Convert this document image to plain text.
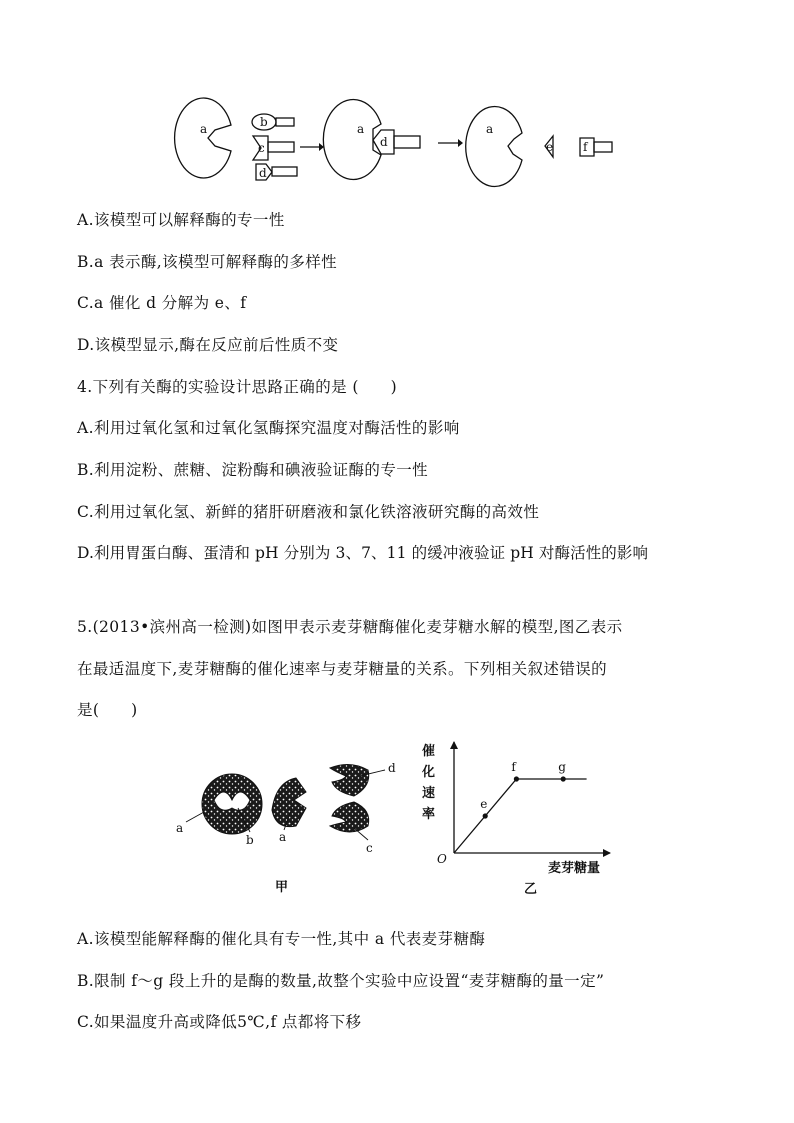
a	b
c
d
a
d
a
e f
A.该模型可以解释酶的专一性
B.a 表示酶,该模型可解释酶的多样性
C.a 催化 d 分解为 e、f
D.该模型显示,酶在反应前后性质不变
4.下列有关酶的实验设计思路正确的是 (　　)
A.利用过氧化氢和过氧化氢酶探究温度对酶活性的影响
B.利用淀粉、蔗糖、淀粉酶和碘液验证酶的专一性
C.利用过氧化氢、新鲜的猪肝研磨液和氯化铁溶液研究酶的高效性
D.利用胃蛋白酶、蛋清和 pH 分别为 3、7、11 的缓冲液验证 pH 对酶活性的影响
5.(2013•滨州高一检测)如图甲表示麦芽糖酶催化麦芽糖水解的模型,图乙表示
在最适温度下,麦芽糖酶的催化速率与麦芽糖量的关系。下列相关叙述错误的
是(　　)
a
b a
d
c
甲
e
f	g
O
催
化
速
率
麦芽糖量
乙
A.该模型能解释酶的催化具有专一性,其中 a 代表麦芽糖酶
B.限制 f～g 段上升的是酶的数量,故整个实验中应设置“麦芽糖酶的量一定”
C.如果温度升高或降低5℃,f 点都将下移
